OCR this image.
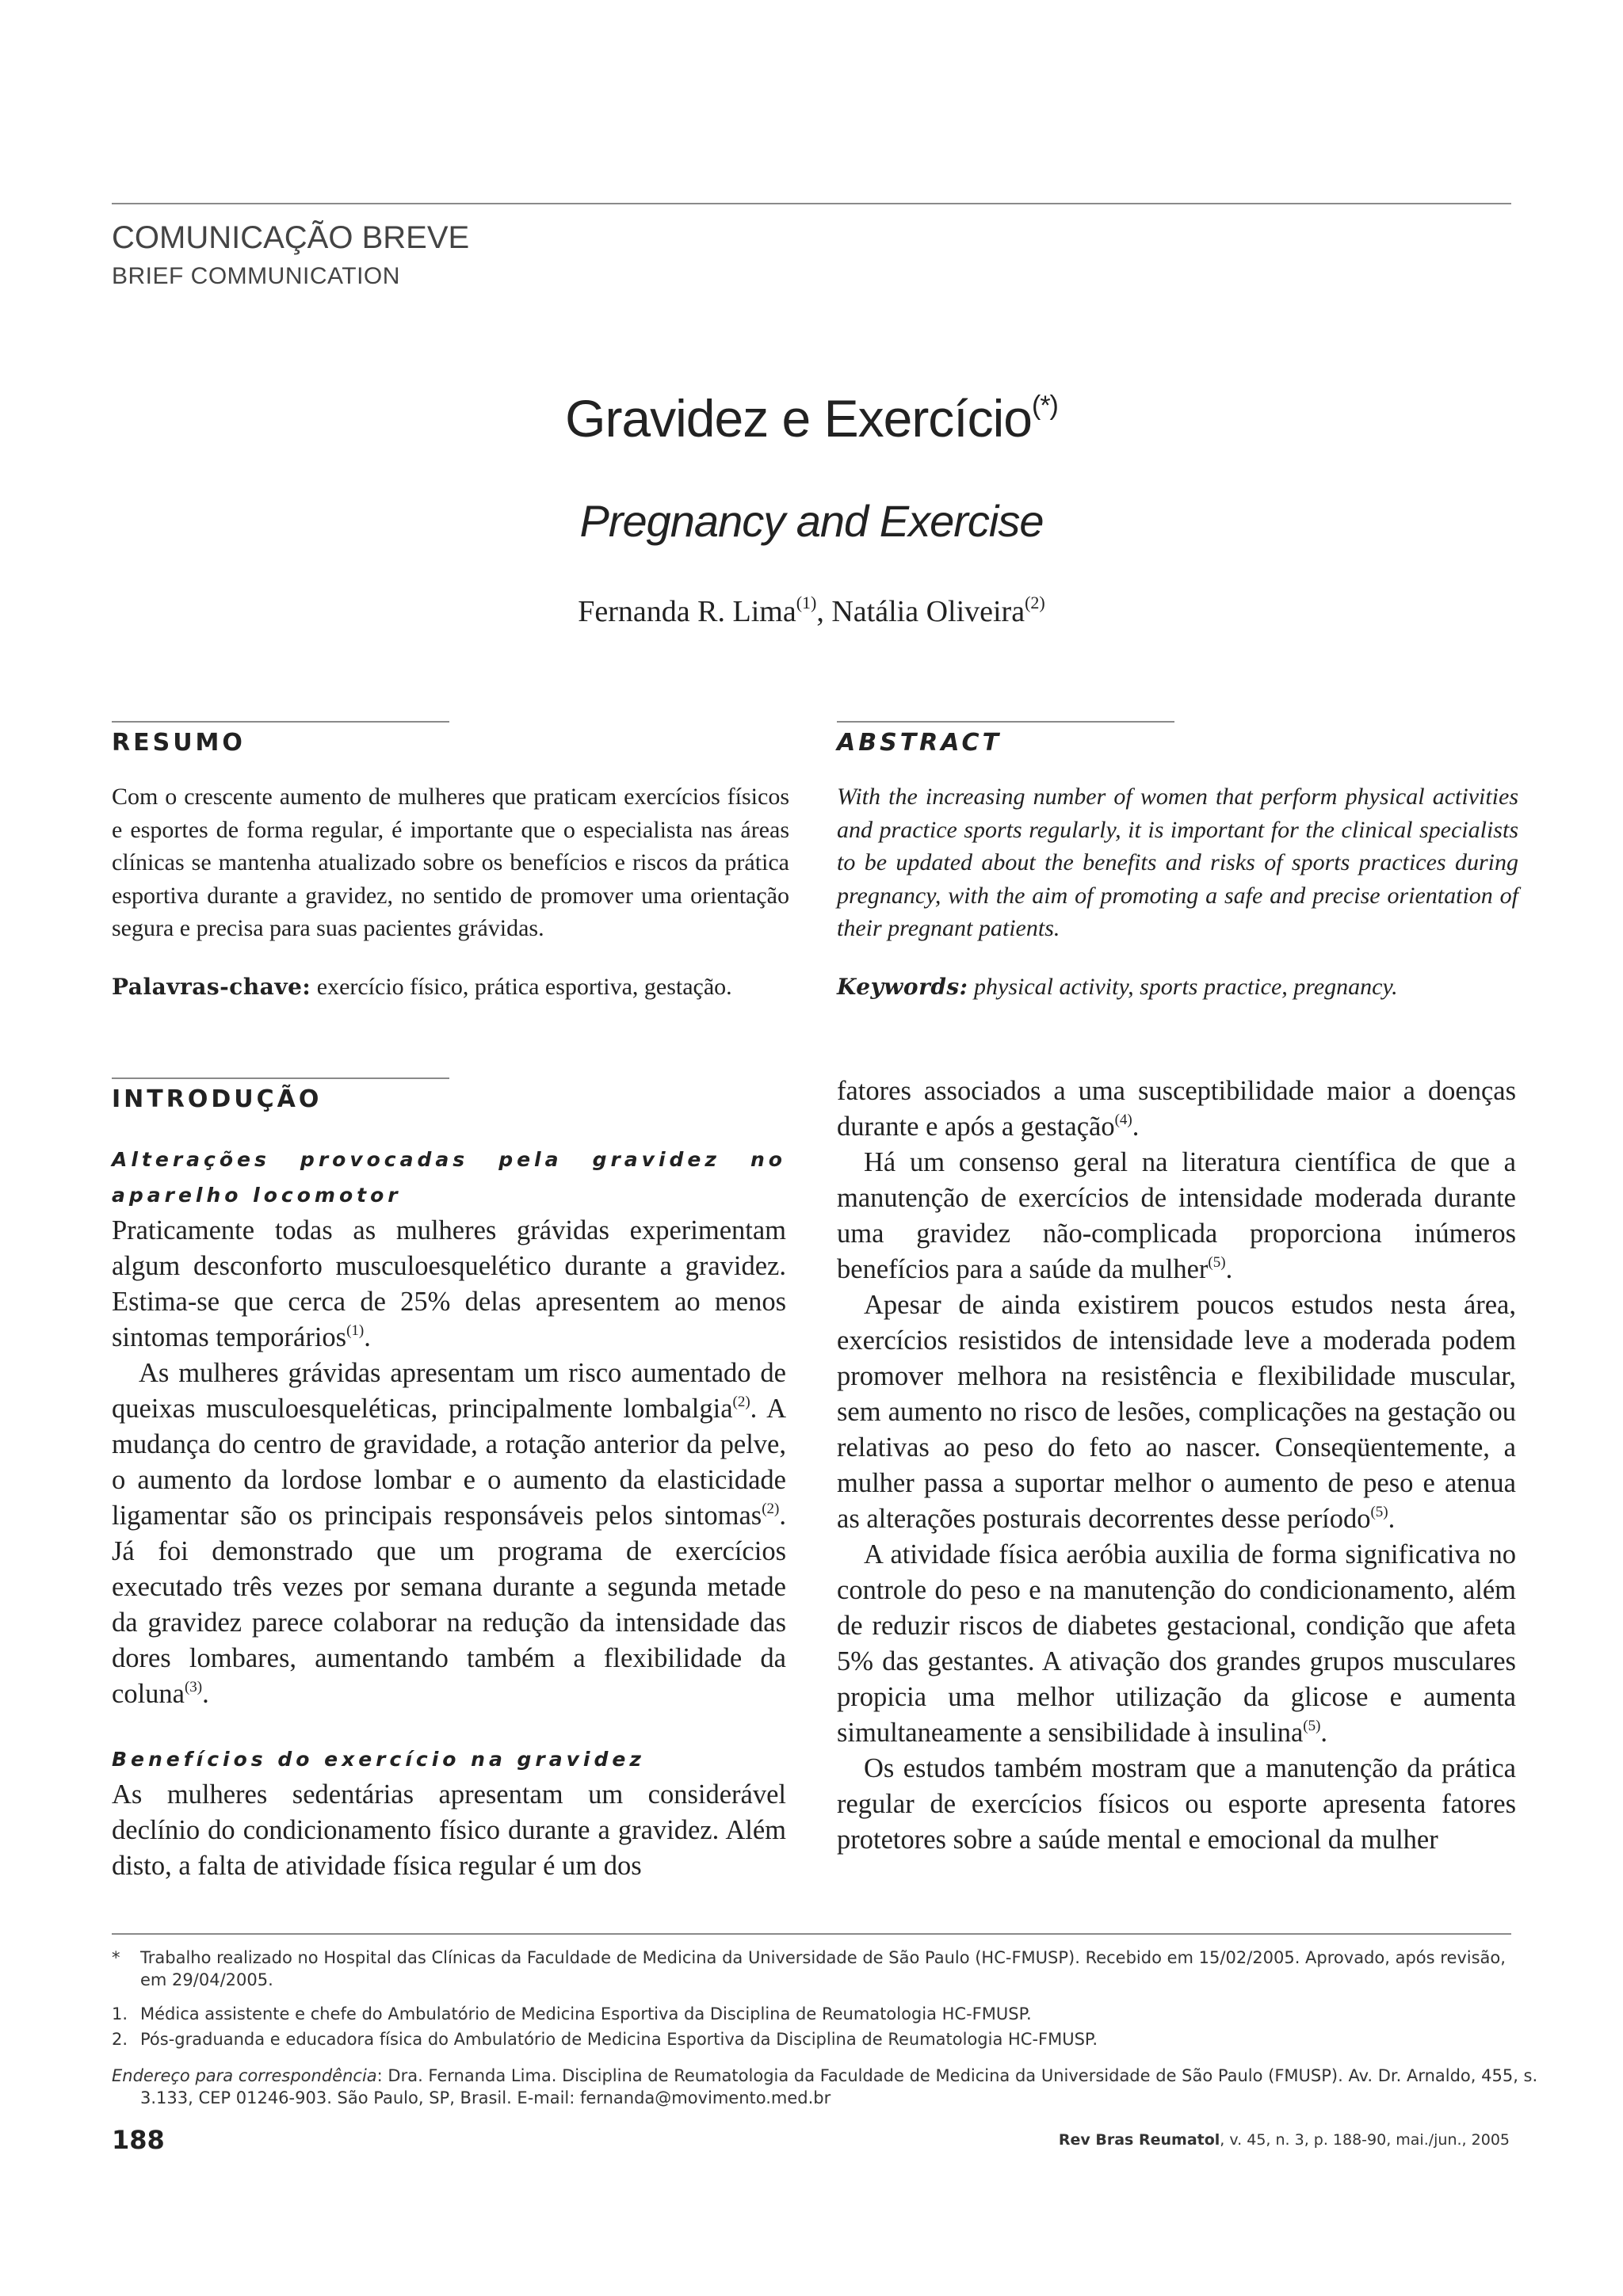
COMUNICAÇÃO BREVE
BRIEF COMMUNICATION
Gravidez e Exercício(*)
Pregnancy and Exercise
Fernanda R. Lima$^{(1)}$, Natália Oliveira$^{(2)}$
RESUMO
Com o crescente aumento de mulheres que praticam exercícios físicos e esportes de forma regular, é importante que o especialista nas áreas clínicas se mantenha atualizado sobre os benefícios e riscos da prática esportiva durante a gravidez, no sentido de promover uma orientação segura e precisa para suas pacientes grávidas.
Palavras-chave: exercício físico, prática esportiva, gestação.
ABSTRACT
With the increasing number of women that perform physical activities and practice sports regularly, it is important for the clinical specialists to be updated about the benefits and risks of sports practices during pregnancy, with the aim of promoting a safe and precise orientation of their pregnant patients.
Keywords: physical activity, sports practice, pregnancy.
INTRODUÇÃO
Alterações provocadas pela gravidez no aparelho locomotor

Praticamente todas as mulheres grávidas experimentam algum desconforto musculoesquelético durante a gravidez. Estima-se que cerca de 25% delas apresentem ao menos sintomas temporários$^{(1)}$.

As mulheres grávidas apresentam um risco aumentado de queixas musculoesqueléticas, principalmente lombalgia$^{(2)}$. A mudança do centro de gravidade, a rotação anterior da pelve, o aumento da lordose lombar e o aumento da elasticidade ligamentar são os principais responsáveis pelos sintomas$^{(2)}$. Já foi demonstrado que um programa de exercícios executado três vezes por semana durante a segunda metade da gravidez parece colaborar na redução da intensidade das dores lombares, aumentando também a flexibilidade da coluna$^{(3)}$.

Benefícios do exercício na gravidez

As mulheres sedentárias apresentam um considerável declínio do condicionamento físico durante a gravidez. Além disto, a falta de atividade física regular é um dos

fatores associados a uma susceptibilidade maior a doenças durante e após a gestação$^{(4)}$.

Há um consenso geral na literatura científica de que a manutenção de exercícios de intensidade moderada durante uma gravidez não-complicada proporciona inúmeros benefícios para a saúde da mulher$^{(5)}$.

Apesar de ainda existirem poucos estudos nesta área, exercícios resistidos de intensidade leve a moderada podem promover melhora na resistência e flexibilidade muscular, sem aumento no risco de lesões, complicações na gestação ou relativas ao peso do feto ao nascer. Conseqüentemente, a mulher passa a suportar melhor o aumento de peso e atenua as alterações posturais decorrentes desse período$^{(5)}$.

A atividade física aeróbia auxilia de forma significativa no controle do peso e na manutenção do condicionamento, além de reduzir riscos de diabetes gestacional, condição que afeta 5% das gestantes. A ativação dos grandes grupos musculares propicia uma melhor utilização da glicose e aumenta simultaneamente a sensibilidade à insulina$^{(5)}$.

Os estudos também mostram que a manutenção da prática regular de exercícios físicos ou esporte apresenta fatores protetores sobre a saúde mental e emocional da mulher

* Trabalho realizado no Hospital das Clínicas da Faculdade de Medicina da Universidade de São Paulo (HC-FMUSP). Recebido em 15/02/2005. Aprovado, após revisão, em 29/04/2005.
1. Médica assistente e chefe do Ambulatório de Medicina Esportiva da Disciplina de Reumatologia HC-FMUSP.
2. Pós-graduanda e educadora física do Ambulatório de Medicina Esportiva da Disciplina de Reumatologia HC-FMUSP.
Endereço para correspondência: Dra. Fernanda Lima. Disciplina de Reumatologia da Faculdade de Medicina da Universidade de São Paulo (FMUSP). Av. Dr. Arnaldo, 455, s. 3.133, CEP 01246-903. São Paulo, SP, Brasil. E-mail: fernanda@movimento.med.br
188	Rev Bras Reumatol, v. 45, n. 3, p. 188-90, mai./jun., 2005
